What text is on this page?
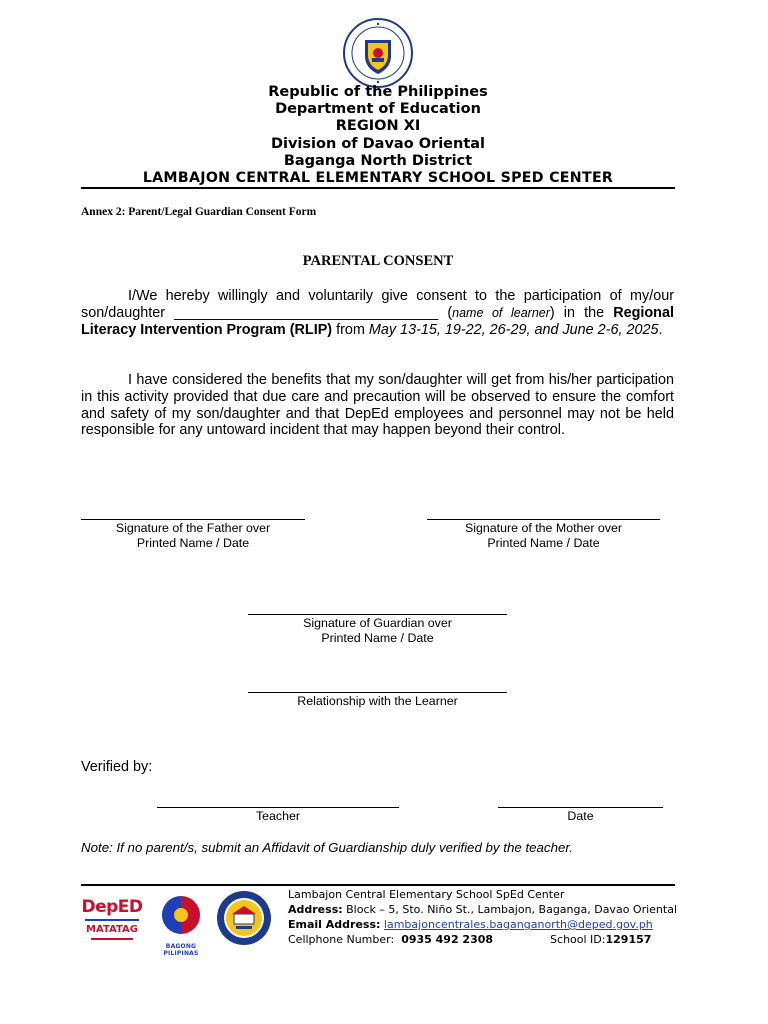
Republic of the Philippines
Department of Education
REGION XI
Division of Davao Oriental
Baganga North District
LAMBAJON CENTRAL ELEMENTARY SCHOOL SPED CENTER
Annex 2: Parent/Legal Guardian Consent Form
PARENTAL CONSENT
I/We hereby willingly and voluntarily give consent to the participation of my/our son/daughter _________________________________ (name of learner) in the Regional Literacy Intervention Program (RLIP) from May 13-15, 19-22, 26-29, and June 2-6, 2025.
I have considered the benefits that my son/daughter will get from his/her participation in this activity provided that due care and precaution will be observed to ensure the comfort and safety of my son/daughter and that DepEd employees and personnel may not be held responsible for any untoward incident that may happen beyond their control.
Signature of the Father over
Printed Name / Date
Signature of the Mother over
Printed Name / Date
Signature of Guardian over
Printed Name / Date
Relationship with the Learner
Verified by:
Teacher	Date
Note: If no parent/s, submit an Affidavit of Guardianship duly verified by the teacher.
DepED
MATATAG
BAGONG PILIPINAS
Lambajon Central Elementary School SpEd Center
Address: Block – 5, Sto. Niño St., Lambajon, Baganga, Davao Oriental
Email Address: lambajoncentrales.baganganorth@deped.gov.ph
Cellphone Number: 0935 492 2308	School ID:129157
